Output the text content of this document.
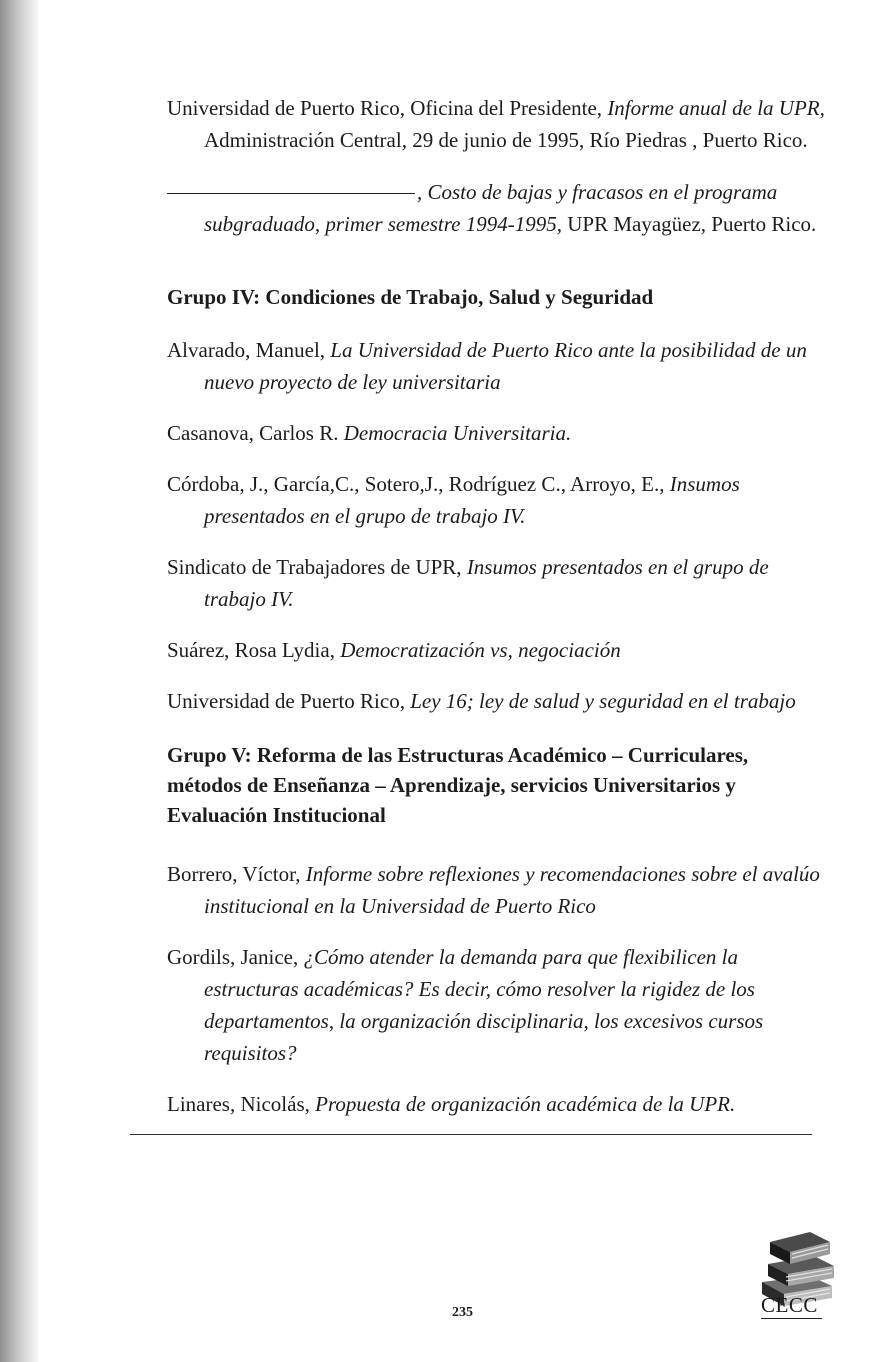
Universidad de Puerto Rico, Oficina del Presidente, Informe anual de la UPR, Administración Central, 29 de junio de 1995, Río Piedras , Puerto Rico.

, Costo de bajas y fracasos en el programa subgraduado, primer semestre 1994-1995, UPR Mayagüez, Puerto Rico.

Grupo IV: Condiciones de Trabajo, Salud y Seguridad

Alvarado, Manuel, La Universidad de Puerto Rico ante la posibilidad de un nuevo proyecto de ley universitaria

Casanova, Carlos R. Democracia Universitaria.

Córdoba, J., García,C., Sotero,J., Rodríguez C., Arroyo, E., Insumos presentados en el grupo de trabajo IV.

Sindicato de Trabajadores de UPR, Insumos presentados en el grupo de trabajo IV.

Suárez, Rosa Lydia, Democratización vs, negociación

Universidad de Puerto Rico, Ley 16; ley de salud y seguridad en el trabajo

Grupo V: Reforma de las Estructuras Académico – Curriculares, métodos de Enseñanza – Aprendizaje, servicios Universitarios y Evaluación Institucional

Borrero, Víctor, Informe sobre reflexiones y recomendaciones sobre el avalúo institucional en la Universidad de Puerto Rico

Gordils, Janice, ¿Cómo atender la demanda para que flexibilicen la estructuras académicas? Es decir, cómo resolver la rigidez de los departamentos, la organización disciplinaria, los excesivos cursos requisitos?

Linares, Nicolás, Propuesta de organización académica de la UPR.

235	CECC
